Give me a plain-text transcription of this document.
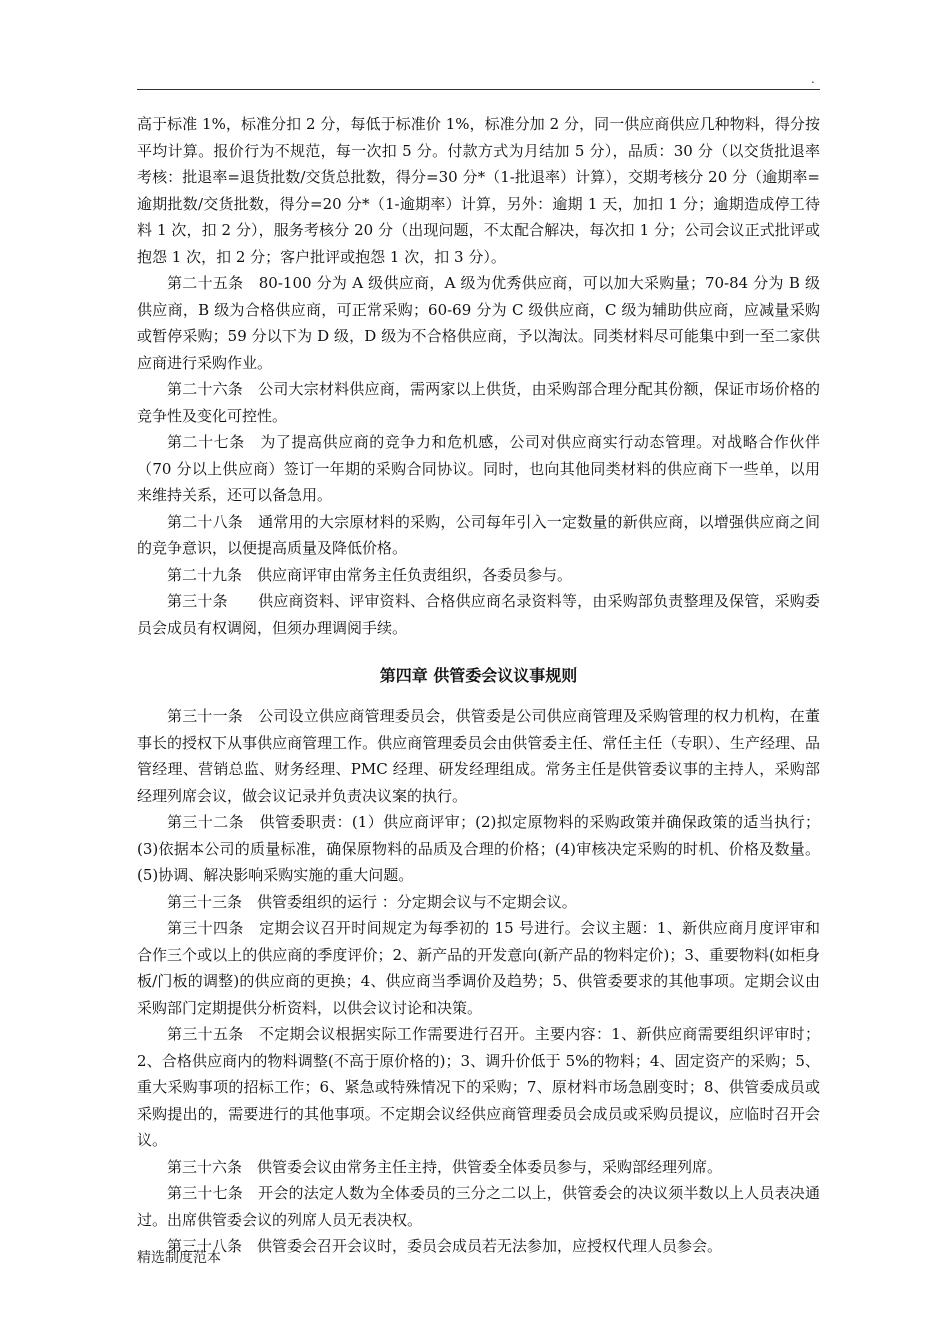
.

高于标准 1%，标准分扣 2 分，每低于标准价 1%，标准分加 2 分，同一供应商供应几种物料，得分按平均计算。报价行为不规范，每一次扣 5 分。付款方式为月结加 5 分），品质：30 分（以交货批退率考核：批退率=退货批数/交货总批数，得分=30 分*（1-批退率）计算），交期考核分 20 分（逾期率=逾期批数/交货批数，得分=20 分*（1-逾期率）计算，另外：逾期 1 天，加扣 1 分；逾期造成停工待料 1 次，扣 2 分），服务考核分 20 分（出现问题，不太配合解决，每次扣 1 分；公司会议正式批评或抱怨 1 次，扣 2 分；客户批评或抱怨 1 次，扣 3 分）。

第二十五条　80-100 分为 A 级供应商，A 级为优秀供应商，可以加大采购量；70-84 分为 B 级供应商，B 级为合格供应商，可正常采购；60-69 分为 C 级供应商，C 级为辅助供应商，应减量采购或暂停采购；59 分以下为 D 级，D 级为不合格供应商，予以淘汰。同类材料尽可能集中到一至二家供应商进行采购作业。

第二十六条　公司大宗材料供应商，需两家以上供货，由采购部合理分配其份额，保证市场价格的竞争性及变化可控性。

第二十七条　为了提高供应商的竞争力和危机感，公司对供应商实行动态管理。对战略合作伙伴（70 分以上供应商）签订一年期的采购合同协议。同时，也向其他同类材料的供应商下一些单，以用来维持关系，还可以备急用。

第二十八条　通常用的大宗原材料的采购，公司每年引入一定数量的新供应商，以增强供应商之间的竞争意识，以便提高质量及降低价格。

第二十九条　供应商评审由常务主任负责组织，各委员参与。

第三十条　　供应商资料、评审资料、合格供应商名录资料等，由采购部负责整理及保管，采购委员会成员有权调阅，但须办理调阅手续。

第四章 供管委会议议事规则

第三十一条　公司设立供应商管理委员会，供管委是公司供应商管理及采购管理的权力机构，在董事长的授权下从事供应商管理工作。供应商管理委员会由供管委主任、常任主任（专职）、生产经理、品管经理、营销总监、财务经理、PMC 经理、研发经理组成。常务主任是供管委议事的主持人，采购部经理列席会议，做会议记录并负责决议案的执行。

第三十二条　供管委职责：(1）供应商评审；(2)拟定原物料的采购政策并确保政策的适当执行；(3)依据本公司的质量标准，确保原物料的品质及合理的价格；(4)审核决定采购的时机、价格及数量。(5)协调、解决影响采购实施的重大问题。

第三十三条　供管委组织的运行 ：分定期会议与不定期会议。

第三十四条　定期会议召开时间规定为每季初的 15 号进行。会议主题：1、新供应商月度评审和合作三个或以上的供应商的季度评价；2、新产品的开发意向(新产品的物料定价)；3、重要物料(如柜身板/门板的调整)的供应商的更换；4、供应商当季调价及趋势；5、供管委要求的其他事项。定期会议由采购部门定期提供分析资料，以供会议讨论和决策。

第三十五条　不定期会议根据实际工作需要进行召开。主要内容：1、新供应商需要组织评审时；2、合格供应商内的物料调整(不高于原价格的)；3、调升价低于 5%的物料；4、固定资产的采购；5、重大采购事项的招标工作；6、紧急或特殊情况下的采购；7、原材料市场急剧变时；8、供管委成员或采购提出的，需要进行的其他事项。不定期会议经供应商管理委员会成员或采购员提议，应临时召开会议。

第三十六条　供管委会议由常务主任主持，供管委全体委员参与，采购部经理列席。

第三十七条　开会的法定人数为全体委员的三分之二以上，供管委会的决议须半数以上人员表决通过。出席供管委会议的列席人员无表决权。

第三十八条　供管委会召开会议时，委员会成员若无法参加，应授权代理人员参会。

精选制度范本
